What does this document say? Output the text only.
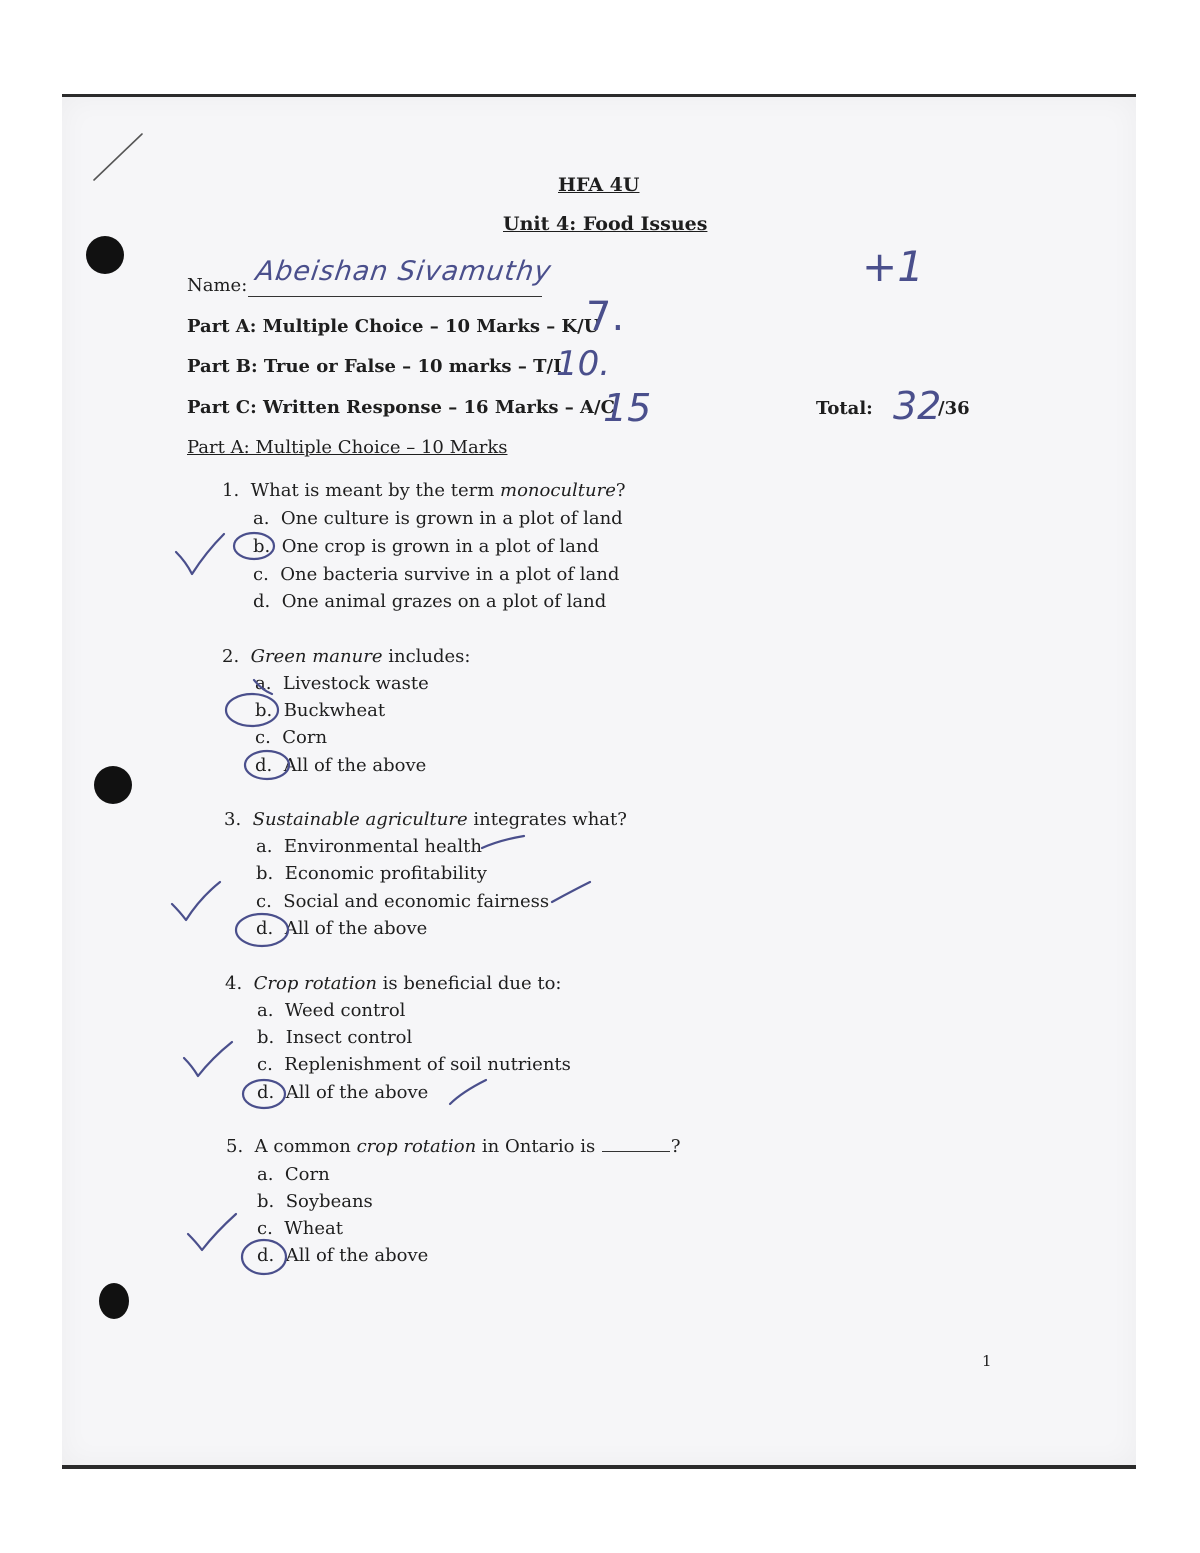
HFA 4U
Unit 4: Food Issues
Name: Abeishan Sivamuthy
Part A: Multiple Choice – 10 Marks – K/U
Part B: True or False – 10 marks – T/I
Part C: Written Response – 16 Marks – A/C
7.
10.
15
+1
Total: 32
/36
Part A: Multiple Choice – 10 Marks
1. What is meant by the term monoculture?
a. One culture is grown in a plot of land
b. One crop is grown in a plot of land
c. One bacteria survive in a plot of land
d. One animal grazes on a plot of land
2. Green manure includes:
a. Livestock waste
b. Buckwheat
c. Corn
d. All of the above
3. Sustainable agriculture integrates what?
a. Environmental health
b. Economic profitability
c. Social and economic fairness
d. All of the above
4. Crop rotation is beneficial due to:
a. Weed control
b. Insect control
c. Replenishment of soil nutrients
d. All of the above
5. A common crop rotation in Ontario is	?
a. Corn
b. Soybeans
c. Wheat
d. All of the above
1
